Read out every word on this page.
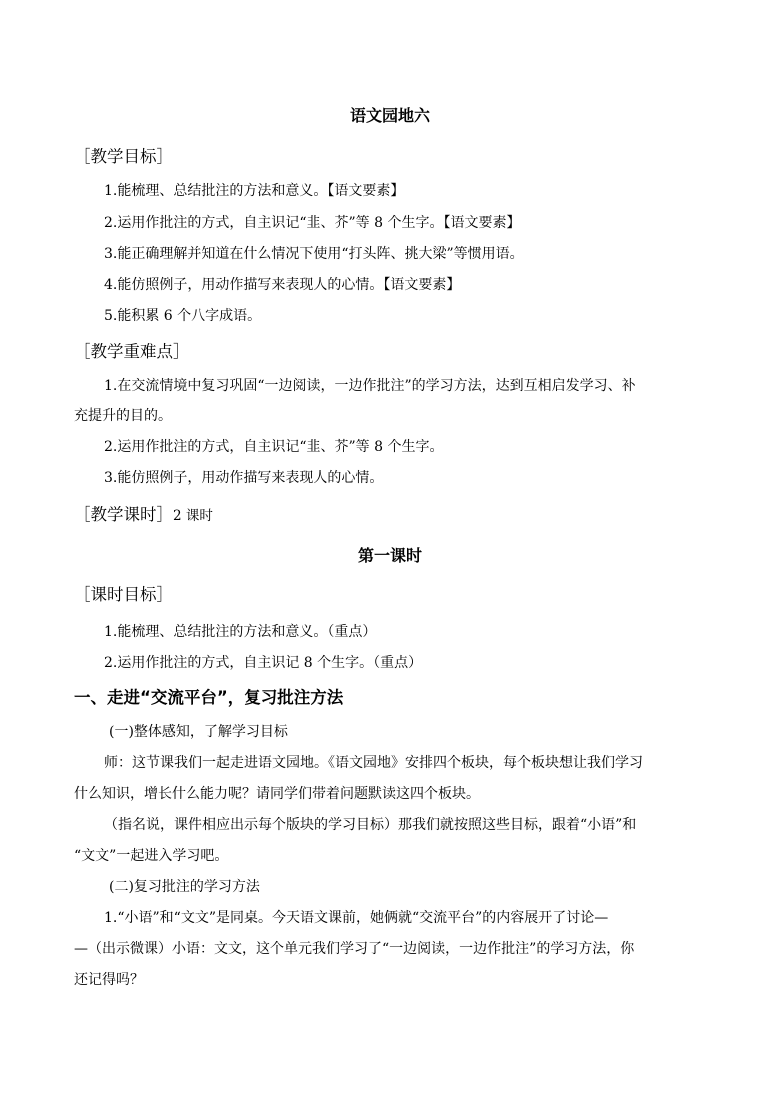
语文园地六
［教学目标］
1.能梳理、总结批注的方法和意义。【语文要素】
2.运用作批注的方式，自主识记“韭、芥”等 8 个生字。【语文要素】
3.能正确理解并知道在什么情况下使用“打头阵、挑大梁”等惯用语。
4.能仿照例子，用动作描写来表现人的心情。【语文要素】
5.能积累 6 个八字成语。
［教学重难点］
1.在交流情境中复习巩固“一边阅读，一边作批注”的学习方法，达到互相启发学习、补
充提升的目的。
2.运用作批注的方式，自主识记“韭、芥”等 8 个生字。
3.能仿照例子，用动作描写来表现人的心情。
［教学课时］2 课时
第一课时
［课时目标］
1.能梳理、总结批注的方法和意义。（重点）
2.运用作批注的方式，自主识记 8 个生字。（重点）
一、走进“交流平台”，复习批注方法
(一)整体感知，了解学习目标
师：这节课我们一起走进语文园地。《语文园地》安排四个板块，每个板块想让我们学习
什么知识，增长什么能力呢？请同学们带着问题默读这四个板块。
（指名说，课件相应出示每个版块的学习目标）那我们就按照这些目标，跟着“小语”和
“文文”一起进入学习吧。
(二)复习批注的学习方法
1.“小语”和“文文”是同桌。今天语文课前，她俩就“交流平台”的内容展开了讨论—
—（出示微课）小语：文文，这个单元我们学习了“一边阅读，一边作批注”的学习方法，你
还记得吗？
